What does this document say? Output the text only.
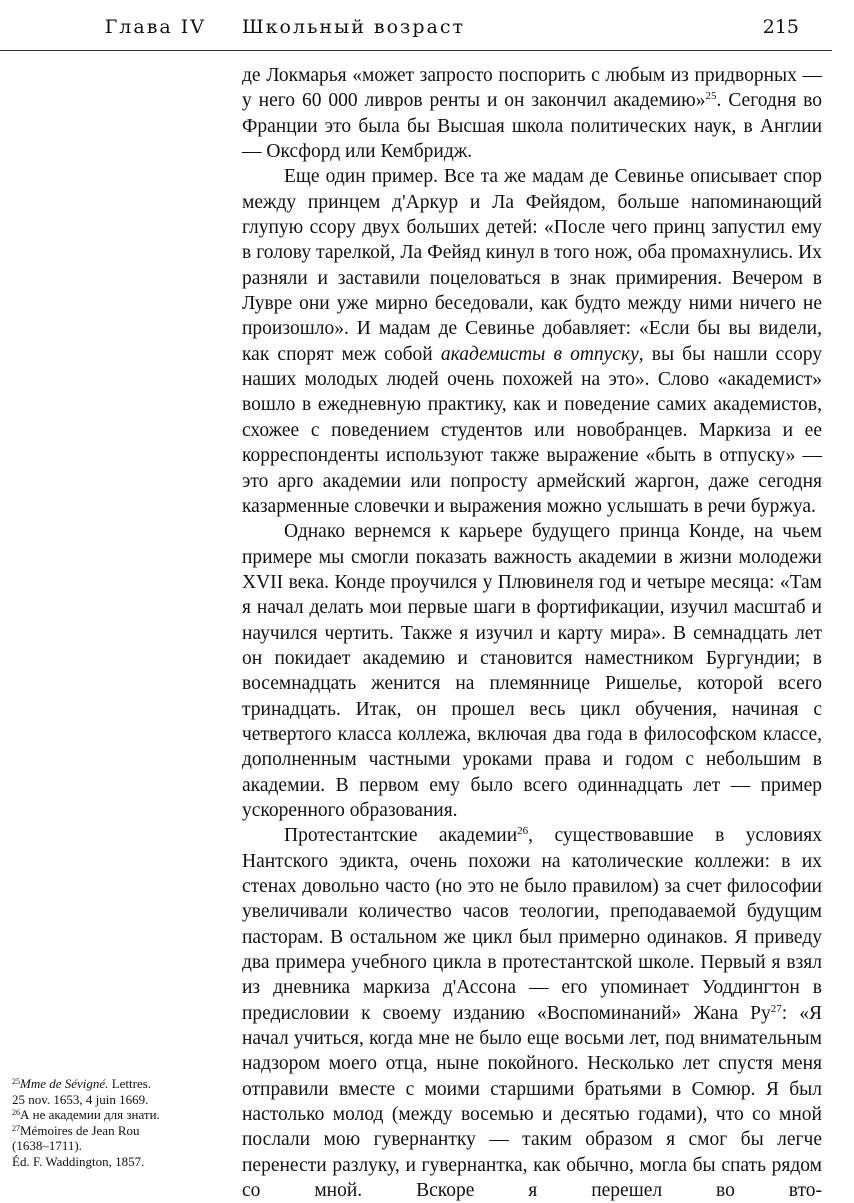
Глава IV Школьный возраст	215

де Локмарья «может запросто поспорить с любым из придворных — у него 60 000 ливров ренты и он закончил академию»$^{25}$. Сегодня во Франции это была бы Высшая школа политических наук, в Англии — Оксфорд или Кембридж.

Еще один пример. Все та же мадам де Севинье описывает спор между принцем д'Аркур и Ла Фейядом, больше напоминающий глупую ссору двух больших детей: «После чего принц запустил ему в голову тарелкой, Ла Фейяд кинул в того нож, оба промахнулись. Их разняли и заставили поцеловаться в знак примирения. Вечером в Лувре они уже мирно беседовали, как будто между ними ничего не произошло». И мадам де Севинье добавляет: «Если бы вы видели, как спорят меж собой академисты в отпуску, вы бы нашли ссору наших молодых людей очень похожей на это». Слово «академист» вошло в ежедневную практику, как и поведение самих академистов, схожее с поведением студентов или новобранцев. Маркиза и ее корреспонденты используют также выражение «быть в отпуску» — это арго академии или попросту армейский жаргон, даже сегодня казарменные словечки и выражения можно услышать в речи буржуа.

Однако вернемся к карьере будущего принца Конде, на чьем примере мы смогли показать важность академии в жизни молодежи XVII века. Конде проучился у Плювинеля год и четыре месяца: «Там я начал делать мои первые шаги в фортификации, изучил масштаб и научился чертить. Также я изучил и карту мира». В семнадцать лет он покидает академию и становится наместником Бургундии; в восемнадцать женится на племяннице Ришелье, которой всего тринадцать. Итак, он прошел весь цикл обучения, начиная с четвертого класса коллежа, включая два года в философском классе, дополненным частными уроками права и годом с небольшим в академии. В первом ему было всего одиннадцать лет — пример ускоренного образования.

Протестантские академии$^{26}$, существовавшие в условиях Нантского эдикта, очень похожи на католические коллежи: в их стенах довольно часто (но это не было правилом) за счет философии увеличивали количество часов теологии, преподаваемой будущим пасторам. В остальном же цикл был примерно одинаков. Я приведу два примера учебного цикла в протестантской школе. Первый я взял из дневника маркиза д'Ассона — его упоминает Уоддингтон в предисловии к своему изданию «Воспоминаний» Жана $Ру^{27}$: «Я начал учиться, когда мне не было еще восьми лет, под внимательным надзором моего отца, ныне покойного. Несколько лет спустя меня отправили вместе с моими старшими братьями в Сомюр. Я был настолько молод (между восемью и десятью годами), что со мной послали мою гувернантку — таким образом я смог бы легче перенести разлуку, и гувернантка, как обычно, могла бы спать рядом со мной. Вскоре я перешел во вто-

$^{25}$Mme de Sévigné. Lettres.
25 nov. 1653, 4 juin 1669.
$^{26}$А не академии для знати.
$^{27}$Mémoires de Jean Rou
(1638–1711).
Éd. F. Waddington, 1857.
